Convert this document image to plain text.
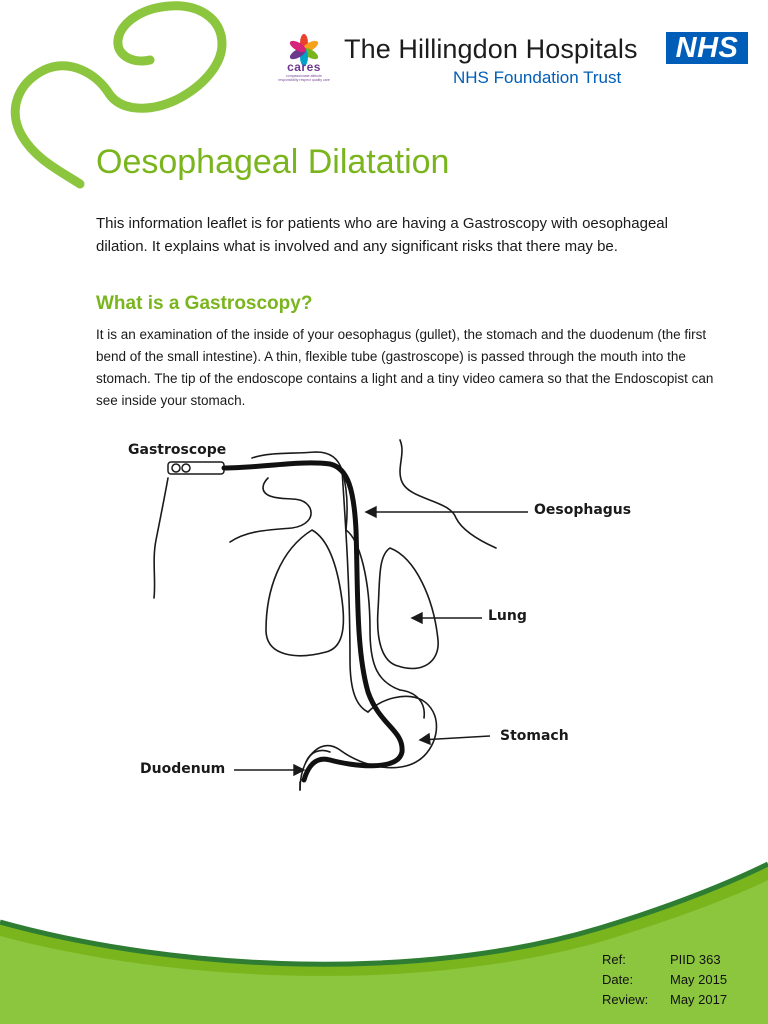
cares
compassionate attitude responsibility respect quality care
The Hillingdon Hospitals
NHS Foundation Trust
NHS
Oesophageal Dilatation

This information leaflet is for patients who are having a Gastroscopy with oesophageal dilation. It explains what is involved and any significant risks that there may be.

What is a Gastroscopy?

It is an examination of the inside of your oesophagus (gullet), the stomach and the duodenum (the first bend of the small intestine). A thin, flexible tube (gastroscope) is passed through the mouth into the stomach. The tip of the endoscope contains a light and a tiny video camera so that the Endoscopist can see inside your stomach.

Gastroscope
Oesophagus
Lung
Stomach
Duodenum
Ref:	PIID 363
Date:	May 2015
Review:	May 2017
